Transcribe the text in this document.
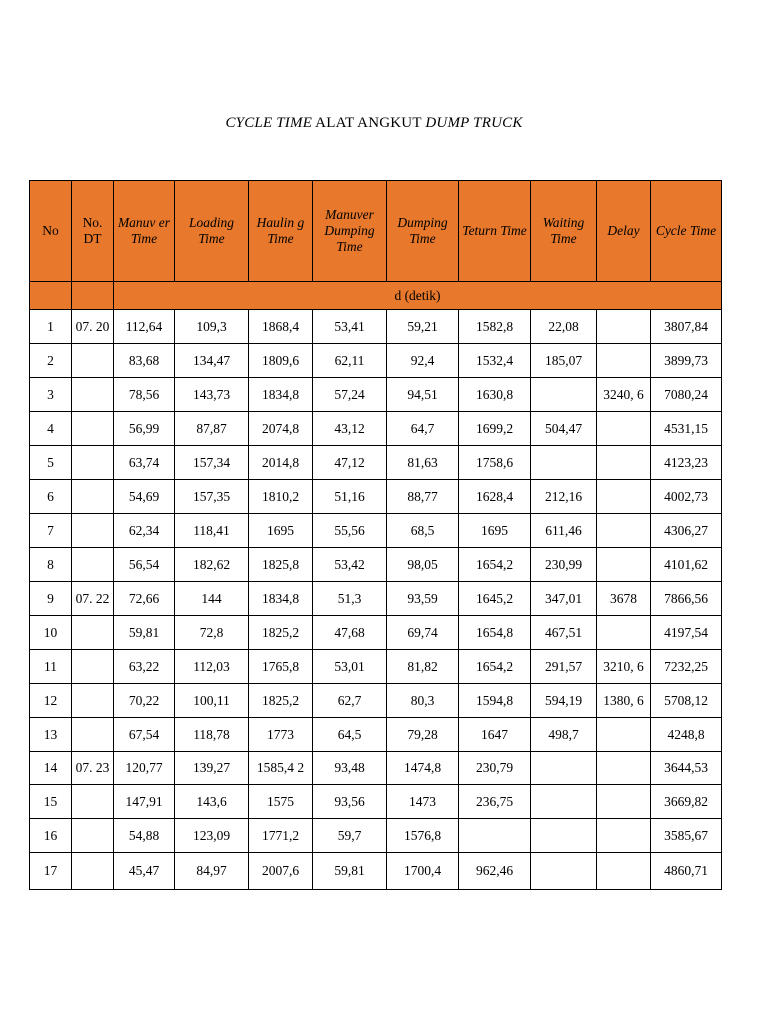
CYCLE TIME ALAT ANGKUT DUMP TRUCK
No	No. DT	Manuv er Time	Loading Time	Haulin g Time	Manuver Dumping Time	Dumping Time	Teturn Time	Waiting Time	Delay	Cycle Time
		d (detik)								
1	07. 20	112,64	109,3	1868,4	53,41	59,21	1582,8	22,08		3807,84
2		83,68	134,47	1809,6	62,11	92,4	1532,4	185,07		3899,73
3		78,56	143,73	1834,8	57,24	94,51	1630,8		3240, 6	7080,24
4		56,99	87,87	2074,8	43,12	64,7	1699,2	504,47		4531,15
5		63,74	157,34	2014,8	47,12	81,63	1758,6			4123,23
6		54,69	157,35	1810,2	51,16	88,77	1628,4	212,16		4002,73
7		62,34	118,41	1695	55,56	68,5	1695	611,46		4306,27
8		56,54	182,62	1825,8	53,42	98,05	1654,2	230,99		4101,62
9	07. 22	72,66	144	1834,8	51,3	93,59	1645,2	347,01	3678	7866,56
10		59,81	72,8	1825,2	47,68	69,74	1654,8	467,51		4197,54
11		63,22	112,03	1765,8	53,01	81,82	1654,2	291,57	3210, 6	7232,25
12		70,22	100,11	1825,2	62,7	80,3	1594,8	594,19	1380, 6	5708,12
13		67,54	118,78	1773	64,5	79,28	1647	498,7		4248,8
14	07. 23	120,77	139,27	1585,4 2	93,48	1474,8	230,79			3644,53
15		147,91	143,6	1575	93,56	1473	236,75			3669,82
16		54,88	123,09	1771,2	59,7	1576,8				3585,67
17		45,47	84,97	2007,6	59,81	1700,4	962,46			4860,71
